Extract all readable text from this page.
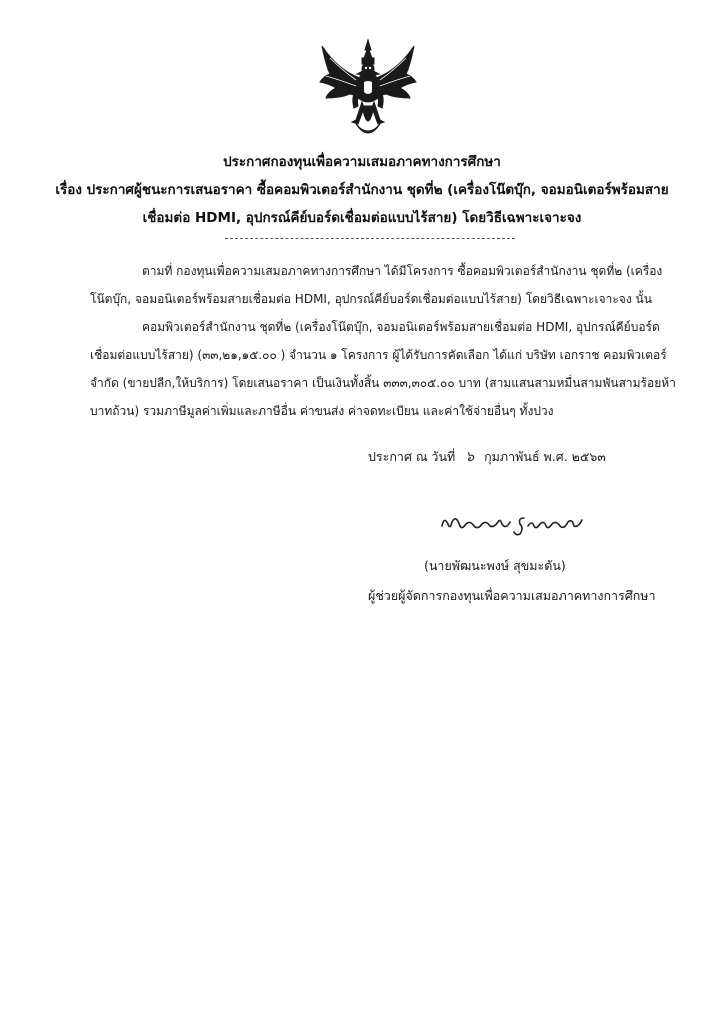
ประกาศกองทุนเพื่อความเสมอภาคทางการศึกษา
เรื่อง ประกาศผู้ชนะการเสนอราคา ซื้อคอมพิวเตอร์สำนักงาน ชุดที่๒ (เครื่องโน๊ตบุ๊ก, จอมอนิเตอร์พร้อมสาย
เชื่อมต่อ HDMI, อุปกรณ์คีย์บอร์ดเชื่อมต่อแบบไร้สาย) โดยวิธีเฉพาะเจาะจง
ตามที่ กองทุนเพื่อความเสมอภาคทางการศึกษา ได้มีโครงการ ซื้อคอมพิวเตอร์สำนักงาน ชุดที่๒ (เครื่อง
โน๊ตบุ๊ก, จอมอนิเตอร์พร้อมสายเชื่อมต่อ HDMI, อุปกรณ์คีย์บอร์ดเชื่อมต่อแบบไร้สาย) โดยวิธีเฉพาะเจาะจง นั้น
คอมพิวเตอร์สำนักงาน ชุดที่๒ (เครื่องโน๊ตบุ๊ก, จอมอนิเตอร์พร้อมสายเชื่อมต่อ HDMI, อุปกรณ์คีย์บอร์ด
เชื่อมต่อแบบไร้สาย) (๓๓,๒๑,๑๕.๐๐ ) จำนวน ๑ โครงการ ผู้ได้รับการคัดเลือก ได้แก่ บริษัท เอกราช คอมพิวเตอร์
จำกัด (ขายปลีก,ให้บริการ) โดยเสนอราคา เป็นเงินทั้งสิ้น ๓๓๓,๓๐๕.๐๐ บาท (สามแสนสามหมื่นสามพันสามร้อยห้า
บาทถ้วน) รวมภาษีมูลค่าเพิ่มและภาษีอื่น ค่าขนส่ง ค่าจดทะเบียน และค่าใช้จ่ายอื่นๆ ทั้งปวง
ประกาศ ณ วันที่ ๖ กุมภาพันธ์ พ.ศ. ๒๕๖๓
(นายพัฒนะพงษ์ สุขมะดัน)
ผู้ช่วยผู้จัดการกองทุนเพื่อความเสมอภาคทางการศึกษา
